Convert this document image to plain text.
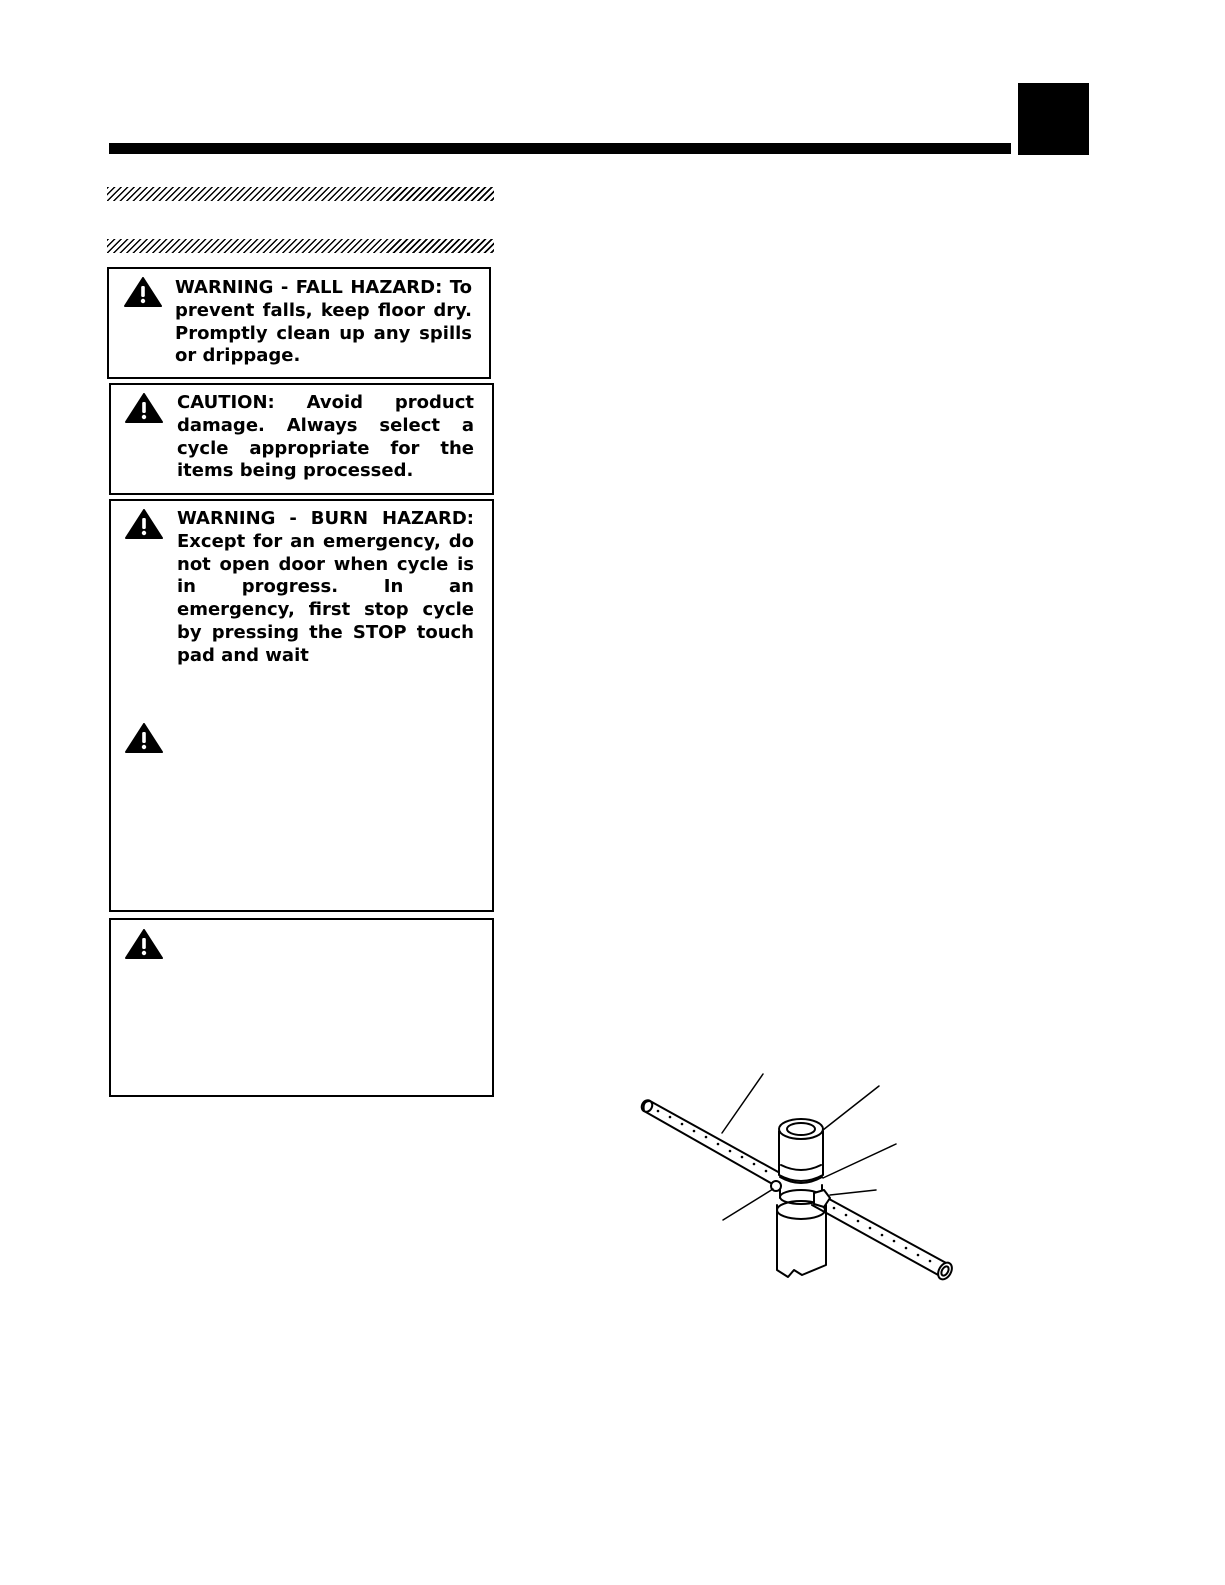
WARNING - FALL HAZARD: To prevent falls, keep floor dry. Promptly clean up any spills or drippage.

CAUTION: Avoid product damage. Always select a cycle appropriate for the items being processed.

WARNING - BURN HAZARD: Except for an emergency, do not open door when cycle is in progress. In an emergency, first stop cycle by pressing the STOP touch pad and wait
